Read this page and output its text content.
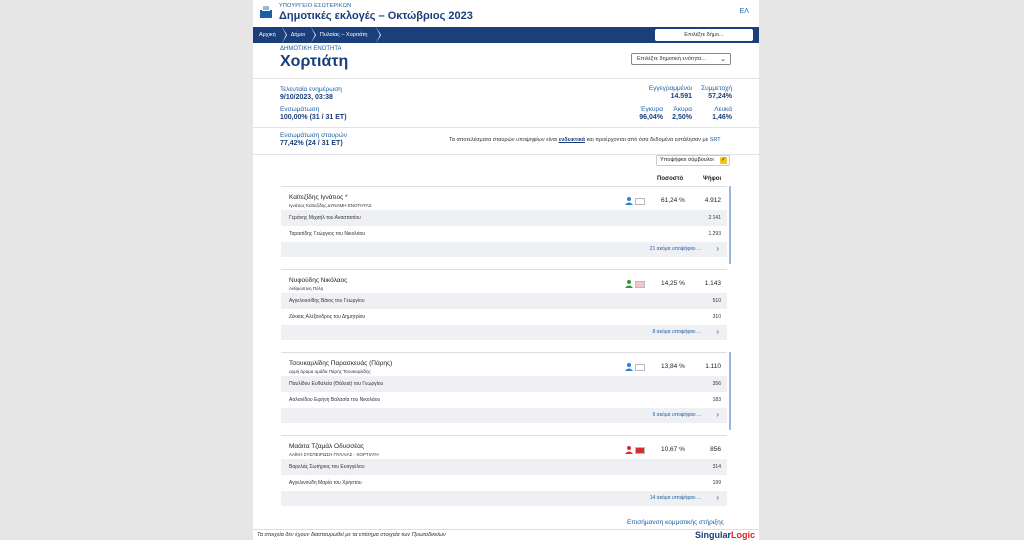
ΥΠΟΥΡΓΕΙΟ ΕΣΩΤΕΡΙΚΩΝ
Δημοτικές εκλογές – Οκτώβριος 2023	ΕΛ
Αρχική	Δήμοι	Πυλαίας – Χορτιάτη	Επιλέξτε δήμο...
ΔΗΜΟΤΙΚΗ ΕΝΟΤΗΤΑ
Χορτιάτη	Επιλέξτε δημοτική ενότητα... ⌄
Τελευταία ενημέρωση
9/10/2023, 03:38
Ενσωμάτωση
100,00% (31 / 31 ΕΤ)
Εγγεγραμμένοι
14.591
Συμμετοχή
57,24%
Έγκυρα
96,04%
Άκυρα
2,50%
Λευκά
1,46%
Ενσωμάτωση σταυρών
77,42% (24 / 31 ΕΤ)	Τα αποτελέσματα σταυρών υποψηφίων είναι ενδεικτικά και προέρχονται από όσα δεδομένα εστάλησαν με SRT
Υποψήφιοι σύμβουλοι ✓
Ποσοστό	Ψήφοι
Καϊτεζίδης Ιγνάτιος *
Ιγνάτιος Καϊτεζίδης ΔΥΝΑΜΗ ΕΝΟΤΗΤΑΣ
61,24 %	4.912
Γεράνης Μιχαήλ του Αναστασίου	2.141
Ταρασίδης Γεώργιος του Νικολάου	1.293
21 ακόμα υποψήφιοι ... ›
Νυφούδης Νικόλαος
Ανθρώπινη Πόλη
14,25 %	1.143
Αγγελουσίδης Βάιος του Γεωργίου	510
Ζέκκας Αλέξανδρος του Δημητρίου	310
8 ακόμα υποψήφιοι ... ›
Τσουκαρλίδης Παρασκευάς (Πάρης)
ορμή άραμα ομάδα Πάρης Τσουκαρλίδης
13,84 %	1.110
Παυλίδου Ευθαλεία (Θάλεια) του Γεωργίου	356
Ασλανίδου Ειρήνη Βαλασία του Νικολάου	183
9 ακόμα υποψήφιοι ... ›
Μαάιτα Τζαμάλ Οδυσσέας
ΛΑΪΚΗ ΣΥΣΠΕΙΡΩΣΗ ΠΥΛΑΙΑΣ - ΧΟΡΤΙΑΤΗ
10,67 %	856
Βαρελάς Σωτήριος του Ευαγγέλου	314
Αγγελινούδη Μαρία του Χρήστου	199
14 ακόμα υποψήφιοι ... ›
Επισήμανση κομματικής στήριξης
Τα στοιχεία δεν έχουν διασταυρωθεί με τα επίσημα στοιχεία των Πρωτοδικείων	SingularLogic
